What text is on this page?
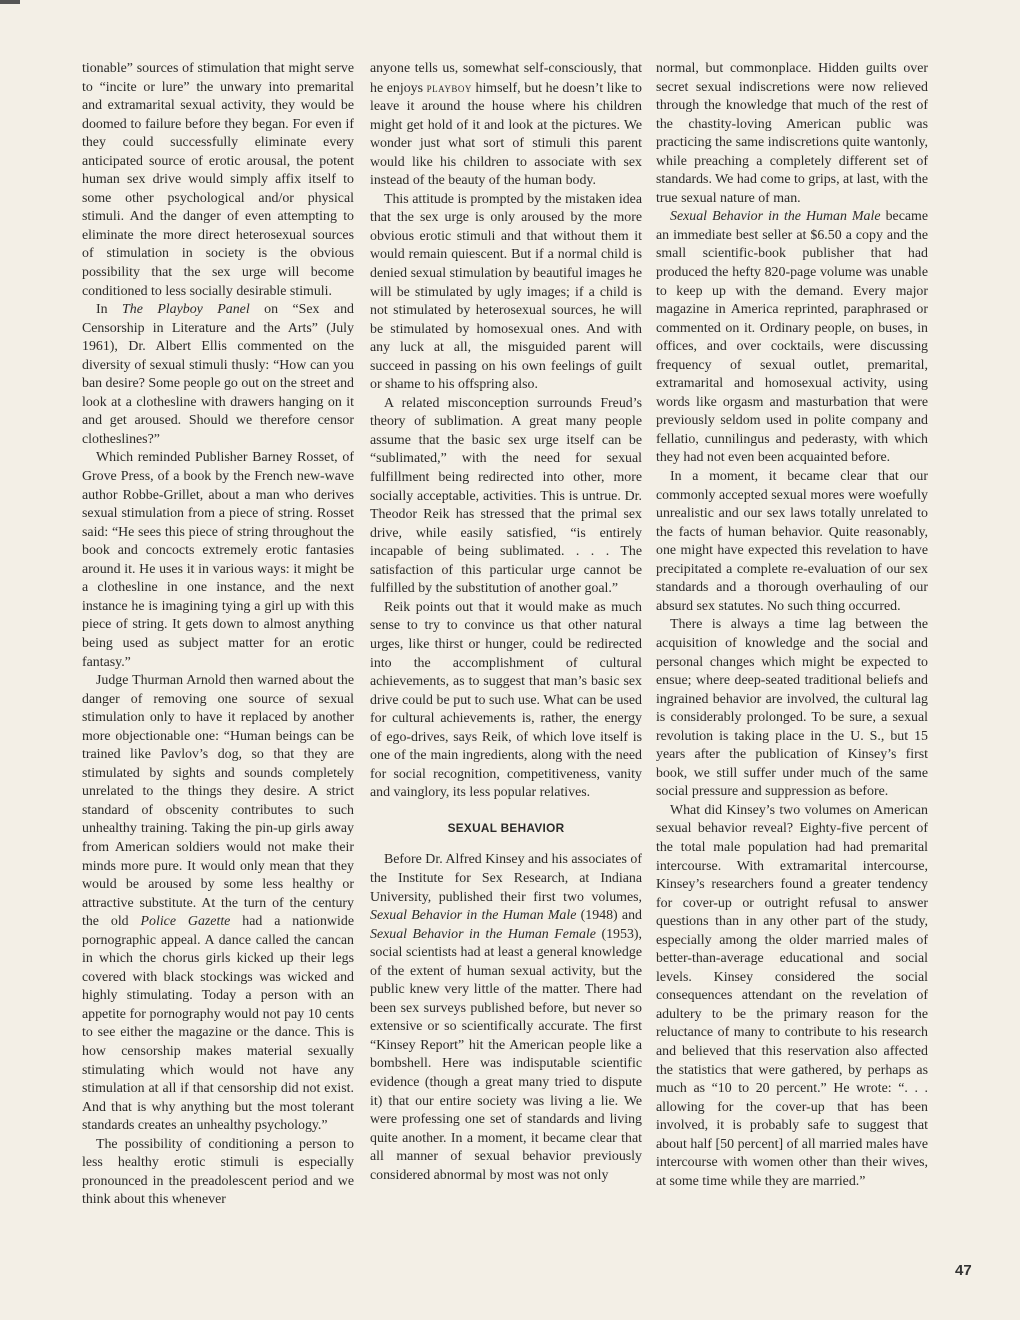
tionable” sources of stimulation that might serve to “incite or lure” the unwary into premarital and extramarital sexual activity, they would be doomed to failure before they began. For even if they could successfully eliminate every anticipated source of erotic arousal, the potent human sex drive would simply affix itself to some other psychological and/or physical stimuli. And the danger of even attempting to eliminate the more direct heterosexual sources of stimulation in society is the obvious possibility that the sex urge will become conditioned to less socially desirable stimuli.

In The Playboy Panel on “Sex and Censorship in Literature and the Arts” (July 1961), Dr. Albert Ellis commented on the diversity of sexual stimuli thusly: “How can you ban desire? Some people go out on the street and look at a clothesline with drawers hanging on it and get aroused. Should we therefore censor clotheslines?”

Which reminded Publisher Barney Rosset, of Grove Press, of a book by the French new-wave author Robbe-Grillet, about a man who derives sexual stimulation from a piece of string. Rosset said: “He sees this piece of string throughout the book and concocts extremely erotic fantasies around it. He uses it in various ways: it might be a clothesline in one instance, and the next instance he is imagining tying a girl up with this piece of string. It gets down to almost anything being used as subject matter for an erotic fantasy.”

Judge Thurman Arnold then warned about the danger of removing one source of sexual stimulation only to have it replaced by another more objectionable one: “Human beings can be trained like Pavlov’s dog, so that they are stimulated by sights and sounds completely unrelated to the things they desire. A strict standard of obscenity contributes to such unhealthy training. Taking the pin-up girls away from American soldiers would not make their minds more pure. It would only mean that they would be aroused by some less healthy or attractive substitute. At the turn of the century the old Police Gazette had a nationwide pornographic appeal. A dance called the cancan in which the chorus girls kicked up their legs covered with black stockings was wicked and highly stimulating. Today a person with an appetite for pornography would not pay 10 cents to see either the magazine or the dance. This is how censorship makes material sexually stimulating which would not have any stimulation at all if that censorship did not exist. And that is why anything but the most tolerant standards creates an unhealthy psychology.”

The possibility of conditioning a person to less healthy erotic stimuli is especially pronounced in the preadolescent period and we think about this whenever

anyone tells us, somewhat self-consciously, that he enjoys playboy himself, but he doesn’t like to leave it around the house where his children might get hold of it and look at the pictures. We wonder just what sort of stimuli this parent would like his children to associate with sex instead of the beauty of the human body.

This attitude is prompted by the mistaken idea that the sex urge is only aroused by the more obvious erotic stimuli and that without them it would remain quiescent. But if a normal child is denied sexual stimulation by beautiful images he will be stimulated by ugly images; if a child is not stimulated by heterosexual sources, he will be stimulated by homosexual ones. And with any luck at all, the misguided parent will succeed in passing on his own feelings of guilt or shame to his offspring also.

A related misconception surrounds Freud’s theory of sublimation. A great many people assume that the basic sex urge itself can be “sublimated,” with the need for sexual fulfillment being redirected into other, more socially acceptable, activities. This is untrue. Dr. Theodor Reik has stressed that the primal sex drive, while easily satisfied, “is entirely incapable of being sublimated. . . . The satisfaction of this particular urge cannot be fulfilled by the substitution of another goal.”

Reik points out that it would make as much sense to try to convince us that other natural urges, like thirst or hunger, could be redirected into the accomplishment of cultural achievements, as to suggest that man’s basic sex drive could be put to such use. What can be used for cultural achievements is, rather, the energy of ego-drives, says Reik, of which love itself is one of the main ingredients, along with the need for social recognition, competitiveness, vanity and vainglory, its less popular relatives.

SEXUAL BEHAVIOR

Before Dr. Alfred Kinsey and his associates of the Institute for Sex Research, at Indiana University, published their first two volumes, Sexual Behavior in the Human Male (1948) and Sexual Behavior in the Human Female (1953), social scientists had at least a general knowledge of the extent of human sexual activity, but the public knew very little of the matter. There had been sex surveys published before, but never so extensive or so scientifically accurate. The first “Kinsey Report” hit the American people like a bombshell. Here was indisputable scientific evidence (though a great many tried to dispute it) that our entire society was living a lie. We were professing one set of standards and living quite another. In a moment, it became clear that all manner of sexual behavior previously considered abnormal by most was not only

normal, but commonplace. Hidden guilts over secret sexual indiscretions were now relieved through the knowledge that much of the rest of the chastity-loving American public was practicing the same indiscretions quite wantonly, while preaching a completely different set of standards. We had come to grips, at last, with the true sexual nature of man.

Sexual Behavior in the Human Male became an immediate best seller at $6.50 a copy and the small scientific-book publisher that had produced the hefty 820-page volume was unable to keep up with the demand. Every major magazine in America reprinted, paraphrased or commented on it. Ordinary people, on buses, in offices, and over cocktails, were discussing frequency of sexual outlet, premarital, extramarital and homosexual activity, using words like orgasm and masturbation that were previously seldom used in polite company and fellatio, cunnilingus and pederasty, with which they had not even been acquainted before.

In a moment, it became clear that our commonly accepted sexual mores were woefully unrealistic and our sex laws totally unrelated to the facts of human behavior. Quite reasonably, one might have expected this revelation to have precipitated a complete re-evaluation of our sex standards and a thorough overhauling of our absurd sex statutes. No such thing occurred.

There is always a time lag between the acquisition of knowledge and the social and personal changes which might be expected to ensue; where deep-seated traditional beliefs and ingrained behavior are involved, the cultural lag is considerably prolonged. To be sure, a sexual revolution is taking place in the U. S., but 15 years after the publication of Kinsey’s first book, we still suffer under much of the same social pressure and suppression as before.

What did Kinsey’s two volumes on American sexual behavior reveal? Eighty-five percent of the total male population had had premarital intercourse. With extramarital intercourse, Kinsey’s researchers found a greater tendency for cover-up or outright refusal to answer questions than in any other part of the study, especially among the older married males of better-than-average educational and social levels. Kinsey considered the social consequences attendant on the revelation of adultery to be the primary reason for the reluctance of many to contribute to his research and believed that this reservation also affected the statistics that were gathered, by perhaps as much as “10 to 20 percent.” He wrote: “. . . allowing for the cover-up that has been involved, it is probably safe to suggest that about half [50 percent] of all married males have intercourse with women other than their wives, at some time while they are married.”

47
